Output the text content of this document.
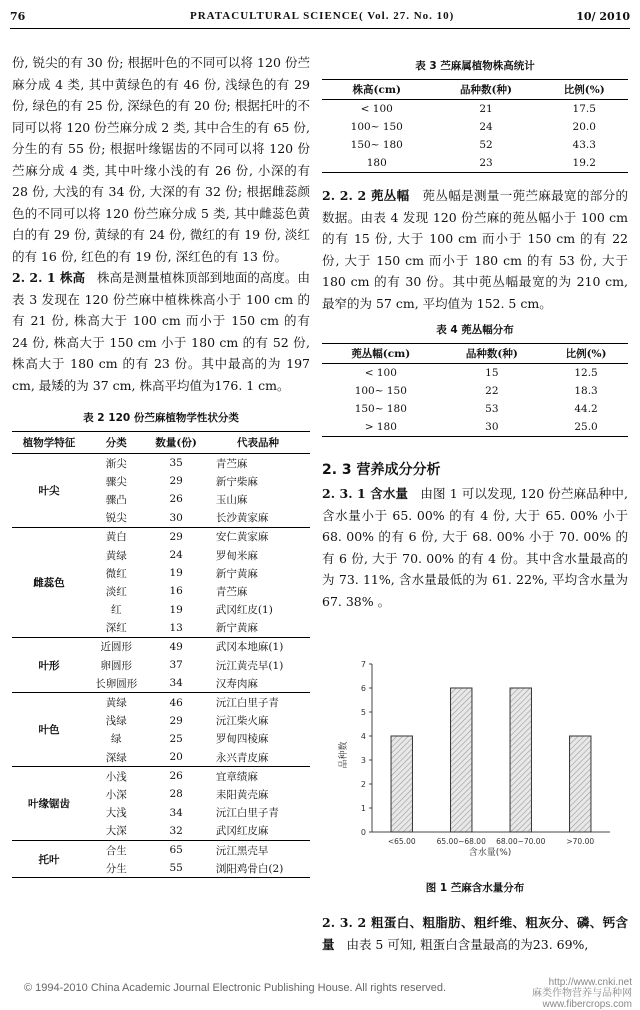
76	PRATACULTURAL SCIENCE( Vol. 27. No. 10)	10/ 2010

份, 锐尖的有 30 份; 根据叶色的不同可以将 120 份苎麻分成 4 类, 其中黄绿色的有 46 份, 浅绿色的有 29 份, 绿色的有 25 份, 深绿色的有 20 份; 根据托叶的不同可以将 120 份苎麻分成 2 类, 其中合生的有 65 份, 分生的有 55 份; 根据叶缘锯齿的不同可以将 120 份苎麻分成 4 类, 其中叶缘小浅的有 26 份, 小深的有 28 份, 大浅的有 34 份, 大深的有 32 份; 根据雌蕊颜色的不同可以将 120 份苎麻分成 5 类, 其中雌蕊色黄白的有 29 份, 黄绿的有 24 份, 微红的有 19 份, 淡红的有 16 份, 红色的有 19 份, 深红色的有 13 份。

2. 2. 1 株高 株高是测量植株顶部到地面的高度。由表 3 发现在 120 份苎麻中植株株高小于 100 cm 的有 21 份, 株高大于 100 cm 而小于 150 cm 的有 24 份, 株高大于 150 cm 小于 180 cm 的有 52 份, 株高大于 180 cm 的有 23 份。其中最高的为 197 cm, 最矮的为 37 cm, 株高平均值为176. 1 cm。

表 2 120 份苎麻植物学性状分类

植物学特征	分类	数量(份)	代表品种
叶尖	渐尖	35	青苎麻
	骤尖	29	新宁柴麻
	骤凸	26	玉山麻
	锐尖	30	长沙黄家麻
雌蕊色	黄白	29	安仁黄家麻
	黄绿	24	罗甸米麻
	微红	19	新宁黄麻
	淡红	16	青苎麻
	红	19	武冈红皮(1)
	深红	13	新宁黄麻
叶形	近圆形	49	武冈本地麻(1)
	卵圆形	37	沅江黄壳早(1)
	长卵圆形	34	汉寿肉麻
叶色	黄绿	46	沅江白里子青
	浅绿	29	沅江柴火麻
	绿	25	罗甸四棱麻
	深绿	20	永兴青皮麻
叶缘锯齿	小浅	26	宜章绩麻
	小深	28	耒阳黄壳麻
	大浅	34	沅江白里子青
	大深	32	武冈红皮麻
托叶	合生	65	沅江黑壳早
	分生	55	浏阳鸡骨白(2)

表 3 苎麻属植物株高统计

株高(cm)	品种数(种)	比例(%)
< 100	21	17.5
100~ 150	24	20.0
150~ 180	52	43.3
180	23	19.2

2. 2. 2 蔸丛幅 蔸丛幅是测量一蔸苎麻最宽的部分的数据。由表 4 发现 120 份苎麻的蔸丛幅小于 100 cm 的有 15 份, 大于 100 cm 而小于 150 cm 的有 22 份, 大于 150 cm 而小于 180 cm 的有 53 份, 大于 180 cm 的有 30 份。其中蔸丛幅最宽的为 210 cm, 最窄的为 57 cm, 平均值为 152. 5 cm。

表 4 蔸丛幅分布

蔸丛幅(cm)	品种数(种)	比例(%)
< 100	15	12.5
100~ 150	22	18.3
150~ 180	53	44.2
> 180	30	25.0

2. 3 营养成分分析

2. 3. 1 含水量 由图 1 可以发现, 120 份苎麻品种中, 含水量小于 65. 00% 的有 4 份, 大于 65. 00% 小于 68. 00% 的有 6 份, 大于 68. 00% 小于 70. 00% 的有 6 份, 大于 70. 00% 的有 4 份。其中含水量最高的为 73. 11%, 含水量最低的为 61. 22%, 平均含水量为67. 38% 。

0
1
2
3
4
5
6
7
<65.00	65.00~68.00 68.00~70.00	>70.00
品种数
含水量(%)
图 1 苎麻含水量分布

2. 3. 2 粗蛋白、粗脂肪、粗纤维、粗灰分、磷、钙含量 由表 5 可知, 粗蛋白含量最高的为23. 69%,

© 1994-2010 China Academic Journal Electronic Publishing House. All rights reserved.	http://www.cnki.net
麻类作物营养与品种网
www.fibercrops.com
